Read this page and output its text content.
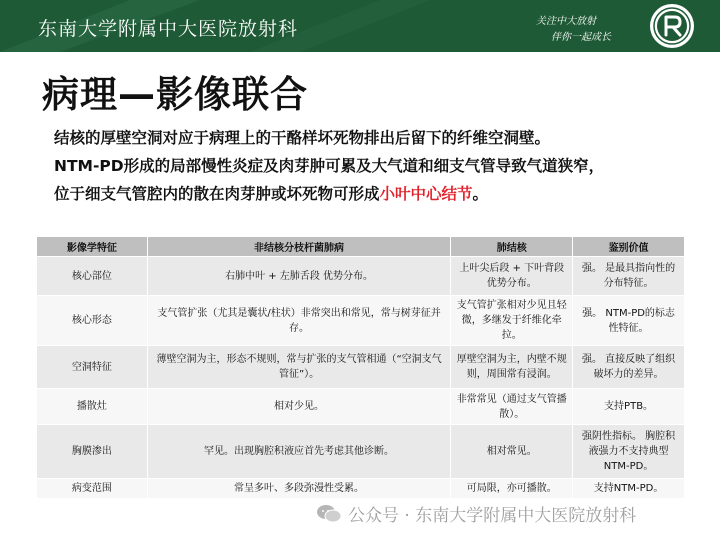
东南大学附属中大医院放射科	关注中大放射
伴你一起成长
病理—影像联合
结核的厚壁空洞对应于病理上的干酪样坏死物排出后留下的纤维空洞壁。
NTM-PD形成的局部慢性炎症及肉芽肿可累及大气道和细支气管导致气道狭窄，
位于细支气管腔内的散在肉芽肿或坏死物可形成小叶中心结节。
影像学特征	非结核分枝杆菌肺病	肺结核	鉴别价值
核心部位	右肺中叶 + 左肺舌段 优势分布。	上叶尖后段 + 下叶背段 优势分布。	强。 是最具指向性的分布特征。
核心形态	支气管扩张（尤其是囊状/柱状）非常突出和常见，常与树芽征并存。	支气管扩张相对少见且轻微，多继发于纤维化牵拉。	强。 NTM-PD的标志性特征。
空洞特征	薄壁空洞为主，形态不规则，常与扩张的支气管相通（“空洞支气管征”）。	厚壁空洞为主，内壁不规则，周围常有浸润。	强。 直接反映了组织破坏力的差异。
播散灶	相对少见。	非常常见（通过支气管播散）。	支持PTB。
胸膜渗出	罕见。出现胸腔积液应首先考虑其他诊断。	相对常见。	强阴性指标。 胸腔积液强力不支持典型NTM-PD。
病变范围	常呈多叶、多段弥漫性受累。	可局限，亦可播散。	支持NTM-PD。
公众号 · 东南大学附属中大医院放射科
